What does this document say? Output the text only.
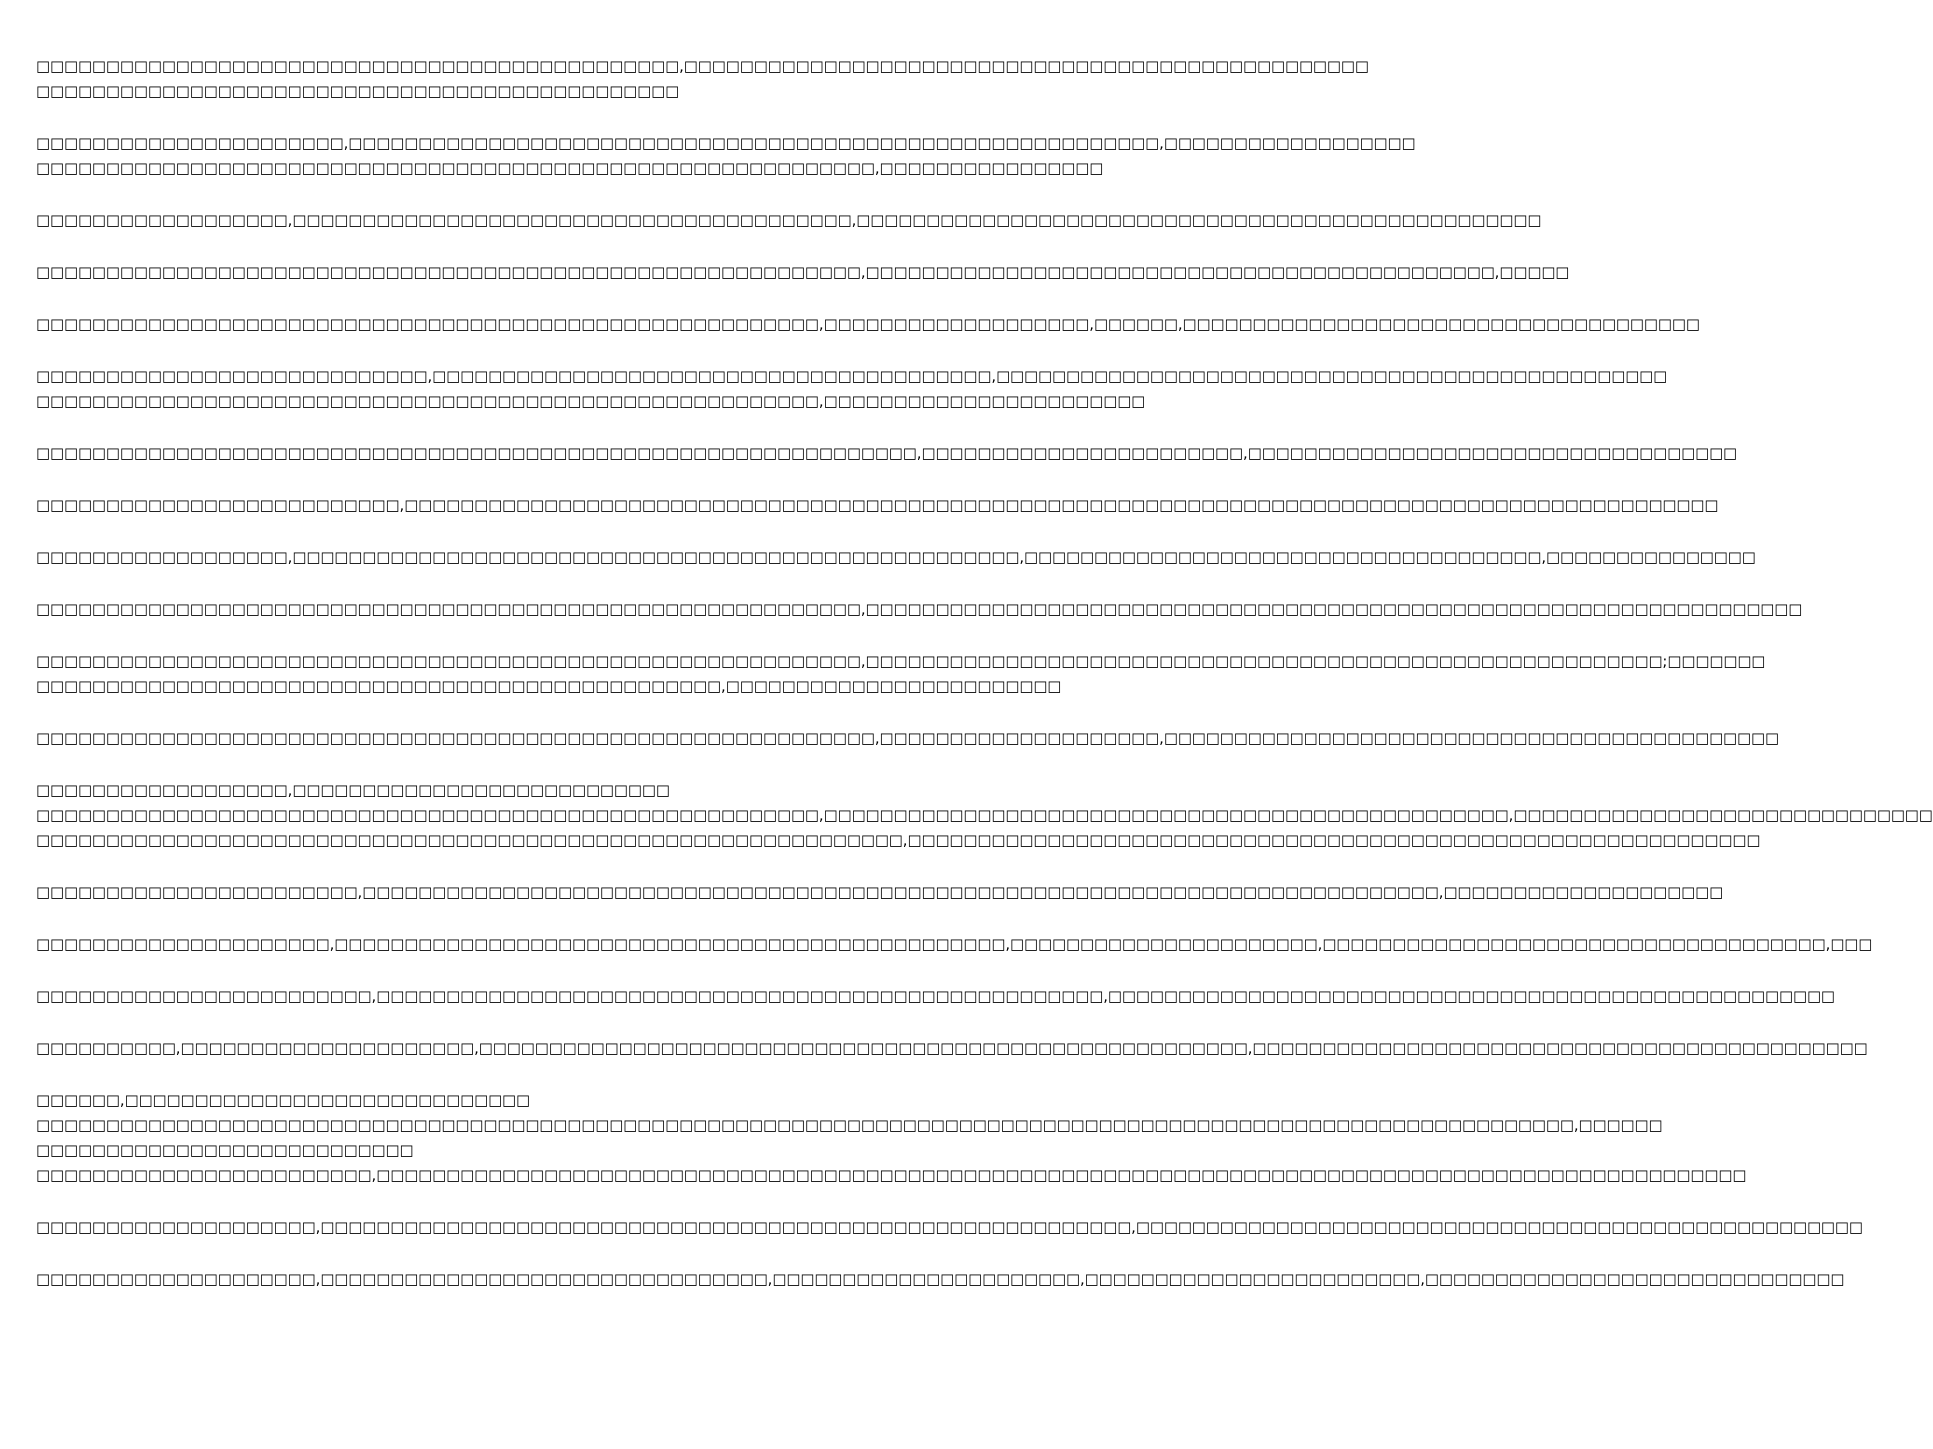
□□□□□□□□□□□□□□□□□□□□□□□□□□□□□□□□□□□□□□□□□□□□□□,□□□□□□□□□□□□□□□□□□□□□□□□□□□□□□□□□□□□□□□□□□□□□□□□□
□□□□□□□□□□□□□□□□□□□□□□□□□□□□□□□□□□□□□□□□□□□□□□
□□□□□□□□□□□□□□□□□□□□□□,□□□□□□□□□□□□□□□□□□□□□□□□□□□□□□□□□□□□□□□□□□□□□□□□□□□□□□□□□□,□□□□□□□□□□□□□□□□□□
□□□□□□□□□□□□□□□□□□□□□□□□□□□□□□□□□□□□□□□□□□□□□□□□□□□□□□□□□□□□,□□□□□□□□□□□□□□□□
□□□□□□□□□□□□□□□□□□,□□□□□□□□□□□□□□□□□□□□□□□□□□□□□□□□□□□□□□□□,□□□□□□□□□□□□□□□□□□□□□□□□□□□□□□□□□□□□□□□□□□□□□□□□□
□□□□□□□□□□□□□□□□□□□□□□□□□□□□□□□□□□□□□□□□□□□□□□□□□□□□□□□□□□□,□□□□□□□□□□□□□□□□□□□□□□□□□□□□□□□□□□□□□□□□□□□□□,□□□□□
□□□□□□□□□□□□□□□□□□□□□□□□□□□□□□□□□□□□□□□□□□□□□□□□□□□□□□□□,□□□□□□□□□□□□□□□□□□□,□□□□□□,□□□□□□□□□□□□□□□□□□□□□□□□□□□□□□□□□□□□□
□□□□□□□□□□□□□□□□□□□□□□□□□□□□,□□□□□□□□□□□□□□□□□□□□□□□□□□□□□□□□□□□□□□□□,□□□□□□□□□□□□□□□□□□□□□□□□□□□□□□□□□□□□□□□□□□□□□□□□
□□□□□□□□□□□□□□□□□□□□□□□□□□□□□□□□□□□□□□□□□□□□□□□□□□□□□□□□,□□□□□□□□□□□□□□□□□□□□□□□
□□□□□□□□□□□□□□□□□□□□□□□□□□□□□□□□□□□□□□□□□□□□□□□□□□□□□□□□□□□□□□□,□□□□□□□□□□□□□□□□□□□□□□□,□□□□□□□□□□□□□□□□□□□□□□□□□□□□□□□□□□□
□□□□□□□□□□□□□□□□□□□□□□□□□□,□□□□□□□□□□□□□□□□□□□□□□□□□□□□□□□□□□□□□□□□□□□□□□□□□□□□□□□□□□□□□□□□□□□□□□□□□□□□□□□□□□□□□□□□□□□□□□
□□□□□□□□□□□□□□□□□□,□□□□□□□□□□□□□□□□□□□□□□□□□□□□□□□□□□□□□□□□□□□□□□□□□□□□,□□□□□□□□□□□□□□□□□□□□□□□□□□□□□□□□□□□□□,□□□□□□□□□□□□□□□
□□□□□□□□□□□□□□□□□□□□□□□□□□□□□□□□□□□□□□□□□□□□□□□□□□□□□□□□□□□,□□□□□□□□□□□□□□□□□□□□□□□□□□□□□□□□□□□□□□□□□□□□□□□□□□□□□□□□□□□□□□□□□□□
□□□□□□□□□□□□□□□□□□□□□□□□□□□□□□□□□□□□□□□□□□□□□□□□□□□□□□□□□□□,□□□□□□□□□□□□□□□□□□□□□□□□□□□□□□□□□□□□□□□□□□□□□□□□□□□□□□□□□;□□□□□□□
□□□□□□□□□□□□□□□□□□□□□□□□□□□□□□□□□□□□□□□□□□□□□□□□□,□□□□□□□□□□□□□□□□□□□□□□□□
□□□□□□□□□□□□□□□□□□□□□□□□□□□□□□□□□□□□□□□□□□□□□□□□□□□□□□□□□□□□,□□□□□□□□□□□□□□□□□□□□,□□□□□□□□□□□□□□□□□□□□□□□□□□□□□□□□□□□□□□□□□□□□
□□□□□□□□□□□□□□□□□□,□□□□□□□□□□□□□□□□□□□□□□□□□□□
□□□□□□□□□□□□□□□□□□□□□□□□□□□□□□□□□□□□□□□□□□□□□□□□□□□□□□□□,□□□□□□□□□□□□□□□□□□□□□□□□□□□□□□□□□□□□□□□□□□□□□□□□□,□□□□□□□□□□□□□□□□□□□□□□□□□□□□□□
□□□□□□□□□□□□□□□□□□□□□□□□□□□□□□□□□□□□□□□□□□□□□□□□□□□□□□□□□□□□□□,□□□□□□□□□□□□□□□□□□□□□□□□□□□□□□□□□□□□□□□□□□□□□□□□□□□□□□□□□□□□□
□□□□□□□□□□□□□□□□□□□□□□□,□□□□□□□□□□□□□□□□□□□□□□□□□□□□□□□□□□□□□□□□□□□□□□□□□□□□□□□□□□□□□□□□□□□□□□□□□□□□□,□□□□□□□□□□□□□□□□□□□□
□□□□□□□□□□□□□□□□□□□□□,□□□□□□□□□□□□□□□□□□□□□□□□□□□□□□□□□□□□□□□□□□□□□□□□,□□□□□□□□□□□□□□□□□□□□□□,□□□□□□□□□□□□□□□□□□□□□□□□□□□□□□□□□□□□,□□□
□□□□□□□□□□□□□□□□□□□□□□□□,□□□□□□□□□□□□□□□□□□□□□□□□□□□□□□□□□□□□□□□□□□□□□□□□□□□□,□□□□□□□□□□□□□□□□□□□□□□□□□□□□□□□□□□□□□□□□□□□□□□□□□□□□
□□□□□□□□□□,□□□□□□□□□□□□□□□□□□□□□,□□□□□□□□□□□□□□□□□□□□□□□□□□□□□□□□□□□□□□□□□□□□□□□□□□□□□□□,□□□□□□□□□□□□□□□□□□□□□□□□□□□□□□□□□□□□□□□□□□□□
□□□□□□,□□□□□□□□□□□□□□□□□□□□□□□□□□□□□
□□□□□□□□□□□□□□□□□□□□□□□□□□□□□□□□□□□□□□□□□□□□□□□□□□□□□□□□□□□□□□□□□□□□□□□□□□□□□□□□□□□□□□□□□□□□□□□□□□□□□□□□□□□□□□,□□□□□□
□□□□□□□□□□□□□□□□□□□□□□□□□□□
□□□□□□□□□□□□□□□□□□□□□□□□,□□□□□□□□□□□□□□□□□□□□□□□□□□□□□□□□□□□□□□□□□□□□□□□□□□□□□□□□□□□□□□□□□□□□□□□□□□□□□□□□□□□□□□□□□□□□□□□□□□
□□□□□□□□□□□□□□□□□□□□,□□□□□□□□□□□□□□□□□□□□□□□□□□□□□□□□□□□□□□□□□□□□□□□□□□□□□□□□□□,□□□□□□□□□□□□□□□□□□□□□□□□□□□□□□□□□□□□□□□□□□□□□□□□□□□□
□□□□□□□□□□□□□□□□□□□□,□□□□□□□□□□□□□□□□□□□□□□□□□□□□□□□□,□□□□□□□□□□□□□□□□□□□□□□,□□□□□□□□□□□□□□□□□□□□□□□□,□□□□□□□□□□□□□□□□□□□□□□□□□□□□□□
